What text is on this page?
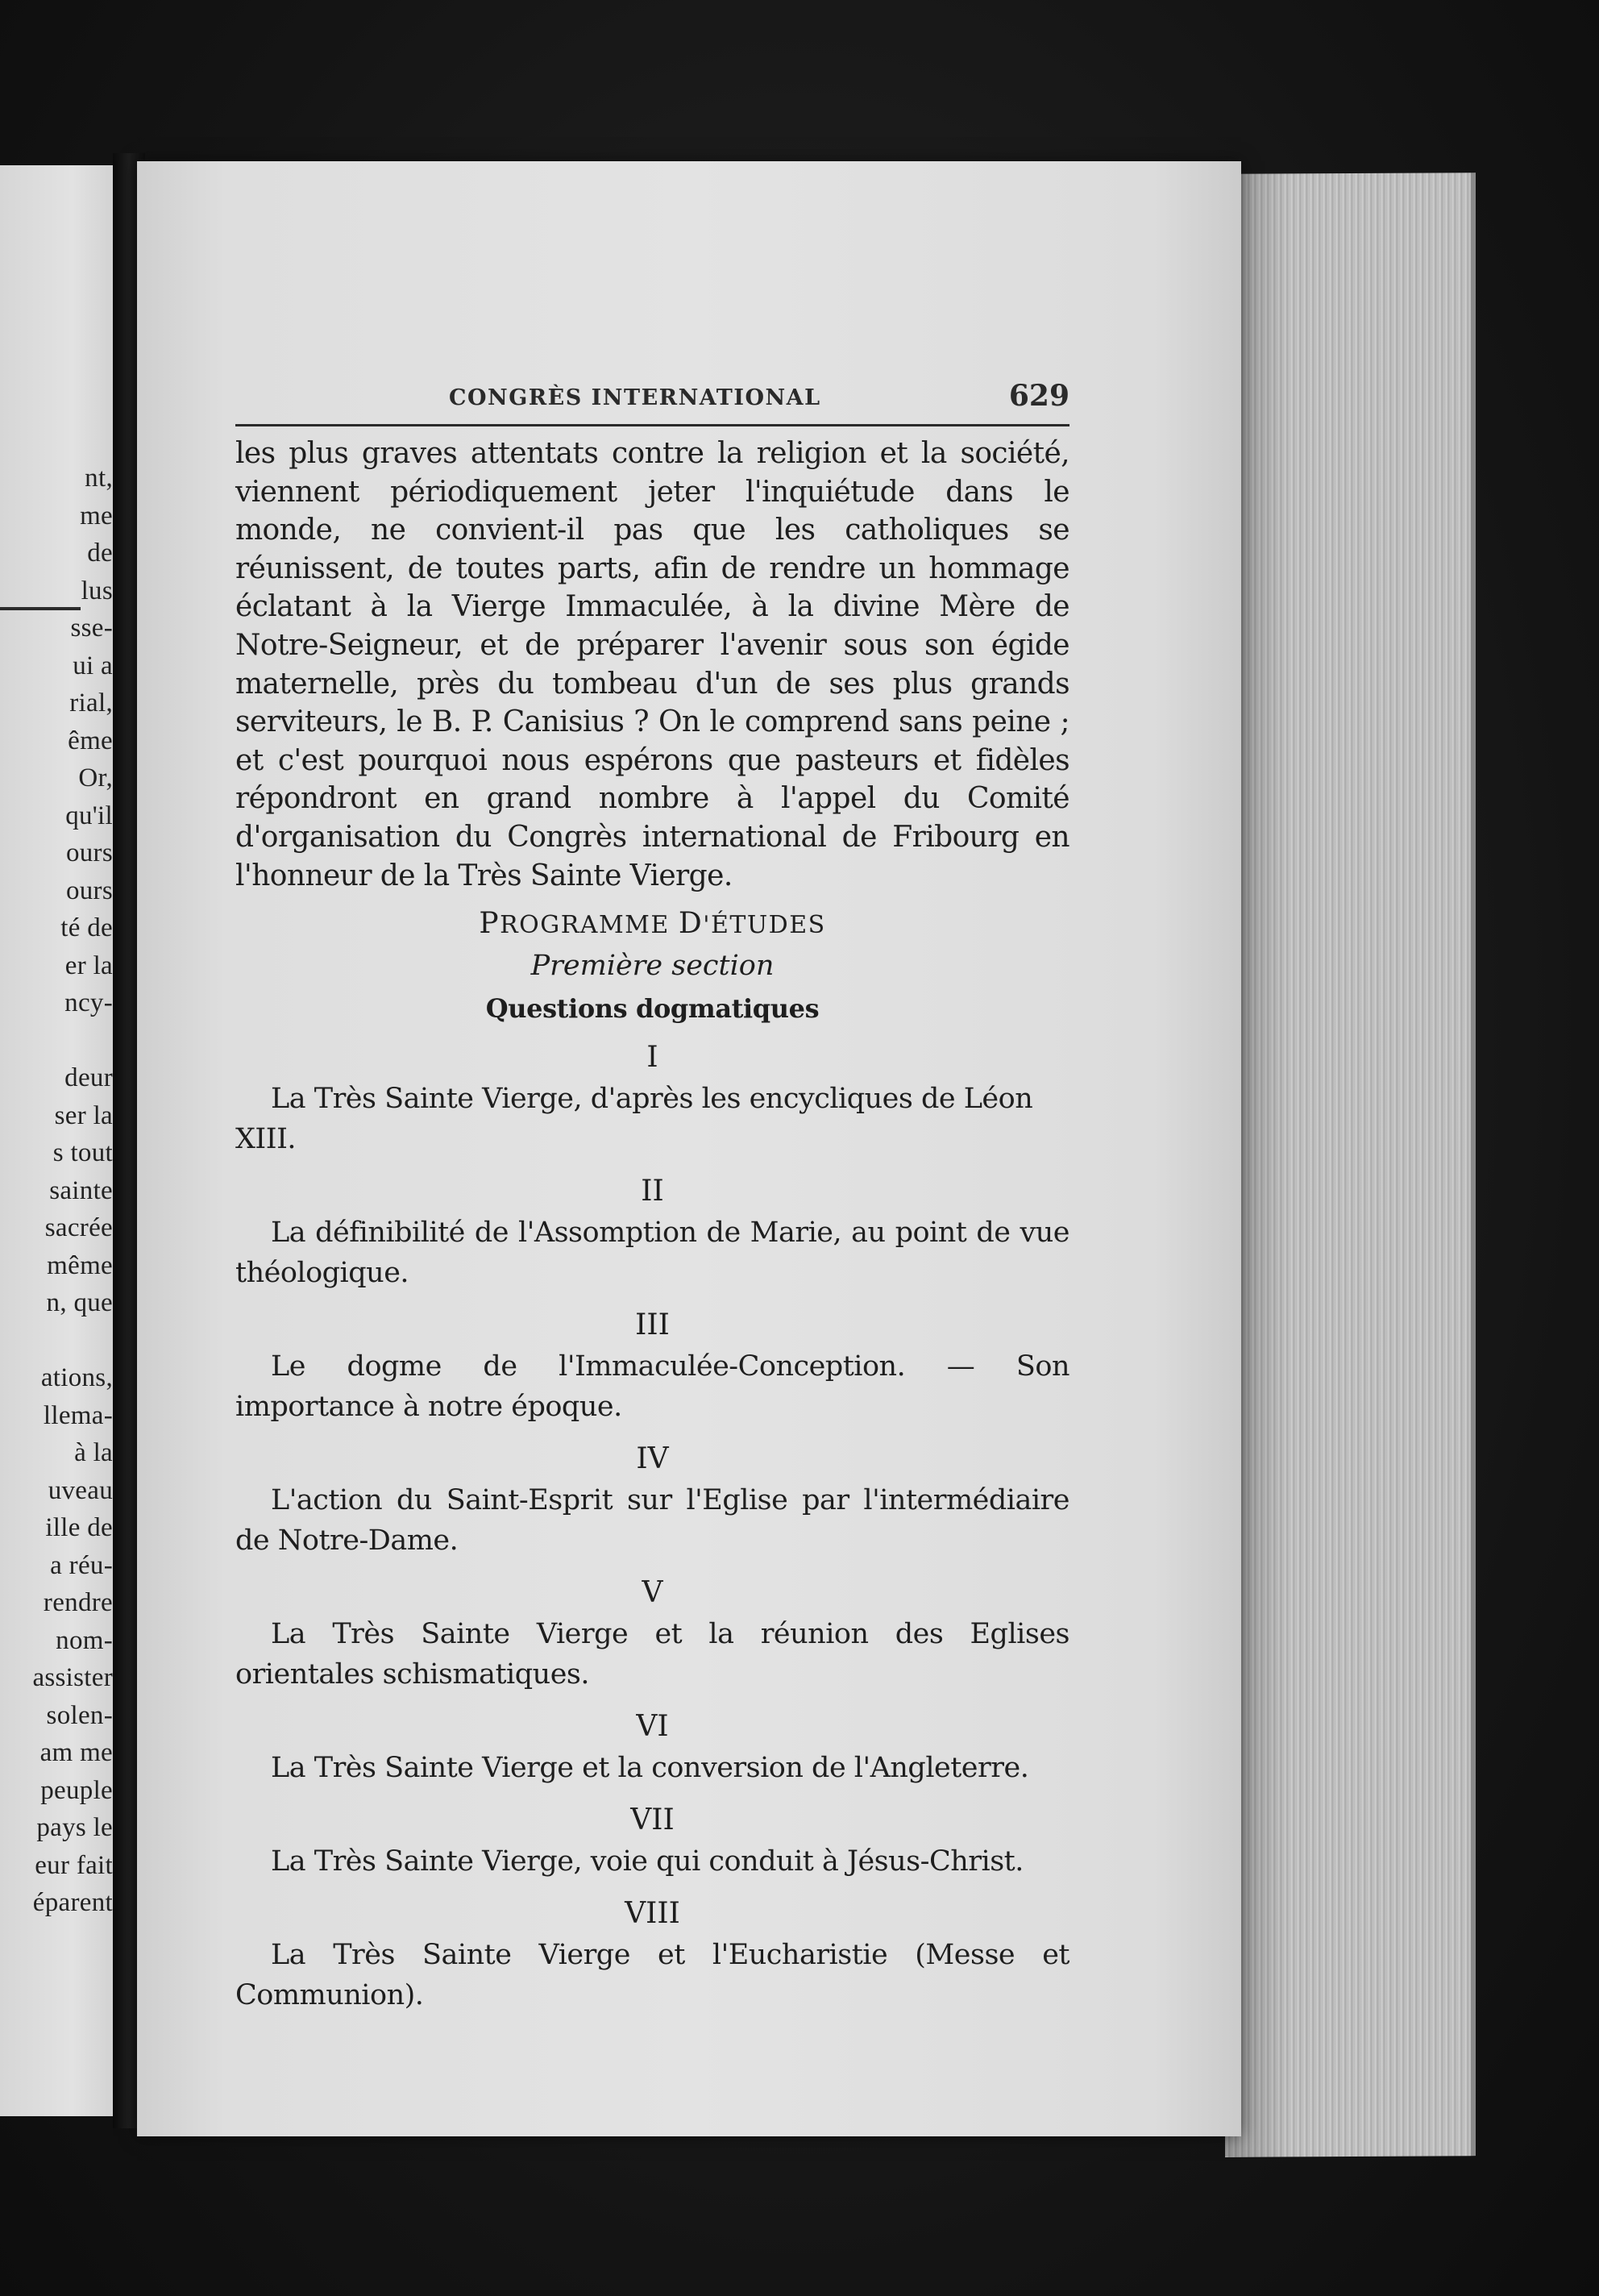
nt,
me
de
lus
sse-
ui a
rial,
ême
Or,
qu'il
ours
ours
té de
er la
ncy-
deur
ser la
s tout
sainte
sacrée
même
n, que
ations,
llema-
à la
uveau
ille de
a réu-
rendre
nom-
assister
solen-
am me
peuple
pays le
eur fait
éparent
CONGRÈS INTERNATIONAL	629

les plus graves attentats contre la religion et la société, viennent périodiquement jeter l'inquiétude dans le monde, ne convient-il pas que les catholiques se réunissent, de toutes parts, afin de rendre un hommage éclatant à la Vierge Immaculée, à la divine Mère de Notre-Seigneur, et de préparer l'avenir sous son égide maternelle, près du tombeau d'un de ses plus grands serviteurs, le B. P. Canisius ? On le comprend sans peine ; et c'est pourquoi nous espérons que pasteurs et fidèles répondront en grand nombre à l'appel du Comité d'organisation du Congrès international de Fribourg en l'honneur de la Très Sainte Vierge.

PROGRAMME D'ÉTUDES
Première section
Questions dogmatiques
I
La Très Sainte Vierge, d'après les encycliques de Léon XIII.
II
La définibilité de l'Assomption de Marie, au point de vue théologique.
III
Le dogme de l'Immaculée-Conception. — Son importance à notre époque.
IV
L'action du Saint-Esprit sur l'Eglise par l'intermédiaire de Notre-Dame.
V
La Très Sainte Vierge et la réunion des Eglises orientales schismatiques.
VI
La Très Sainte Vierge et la conversion de l'Angleterre.
VII
La Très Sainte Vierge, voie qui conduit à Jésus-Christ.
VIII
La Très Sainte Vierge et l'Eucharistie (Messe et Communion).
